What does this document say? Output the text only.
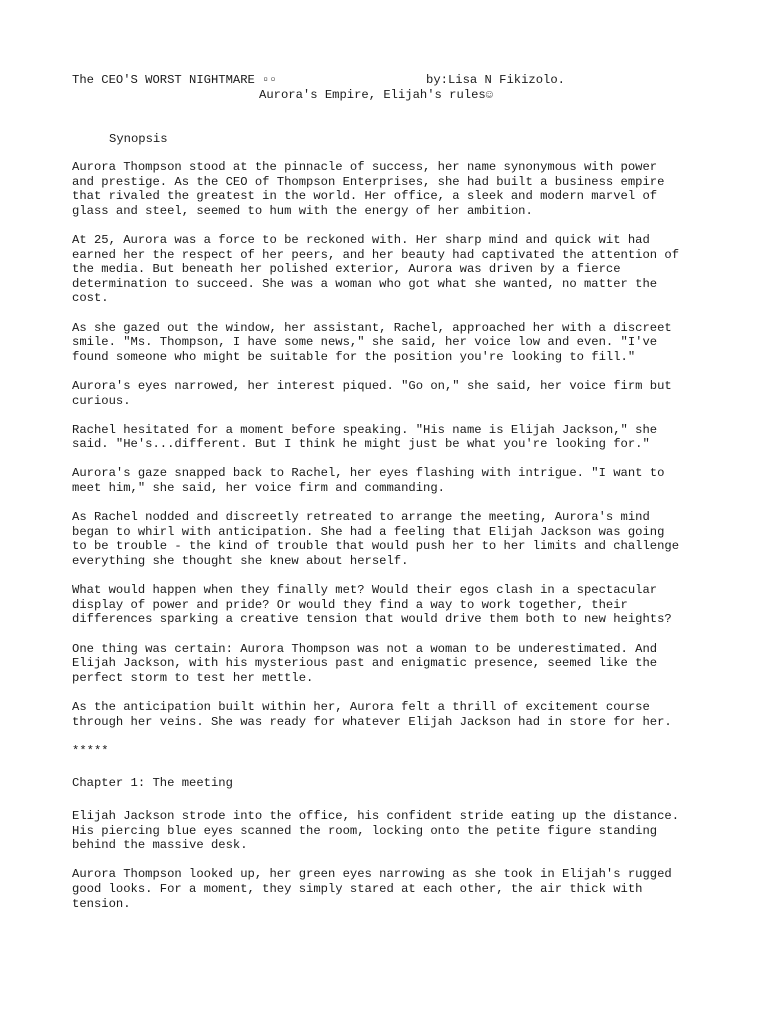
The CEO'S WORST NIGHTMARE ▫▫	by:Lisa N Fikizolo.
Aurora's Empire, Elijah's rules☺
Synopsis

Aurora Thompson stood at the pinnacle of success, her name synonymous with power
and prestige. As the CEO of Thompson Enterprises, she had built a business empire
that rivaled the greatest in the world. Her office, a sleek and modern marvel of
glass and steel, seemed to hum with the energy of her ambition.

At 25, Aurora was a force to be reckoned with. Her sharp mind and quick wit had
earned her the respect of her peers, and her beauty had captivated the attention of
the media. But beneath her polished exterior, Aurora was driven by a fierce
determination to succeed. She was a woman who got what she wanted, no matter the
cost.

As she gazed out the window, her assistant, Rachel, approached her with a discreet
smile. "Ms. Thompson, I have some news," she said, her voice low and even. "I've
found someone who might be suitable for the position you're looking to fill."

Aurora's eyes narrowed, her interest piqued. "Go on," she said, her voice firm but
curious.

Rachel hesitated for a moment before speaking. "His name is Elijah Jackson," she
said. "He's...different. But I think he might just be what you're looking for."

Aurora's gaze snapped back to Rachel, her eyes flashing with intrigue. "I want to
meet him," she said, her voice firm and commanding.

As Rachel nodded and discreetly retreated to arrange the meeting, Aurora's mind
began to whirl with anticipation. She had a feeling that Elijah Jackson was going
to be trouble - the kind of trouble that would push her to her limits and challenge
everything she thought she knew about herself.

What would happen when they finally met? Would their egos clash in a spectacular
display of power and pride? Or would they find a way to work together, their
differences sparking a creative tension that would drive them both to new heights?

One thing was certain: Aurora Thompson was not a woman to be underestimated. And
Elijah Jackson, with his mysterious past and enigmatic presence, seemed like the
perfect storm to test her mettle.

As the anticipation built within her, Aurora felt a thrill of excitement course
through her veins. She was ready for whatever Elijah Jackson had in store for her.

*****

Chapter 1: The meeting

Elijah Jackson strode into the office, his confident stride eating up the distance.
His piercing blue eyes scanned the room, locking onto the petite figure standing
behind the massive desk.

Aurora Thompson looked up, her green eyes narrowing as she took in Elijah's rugged
good looks. For a moment, they simply stared at each other, the air thick with
tension.
